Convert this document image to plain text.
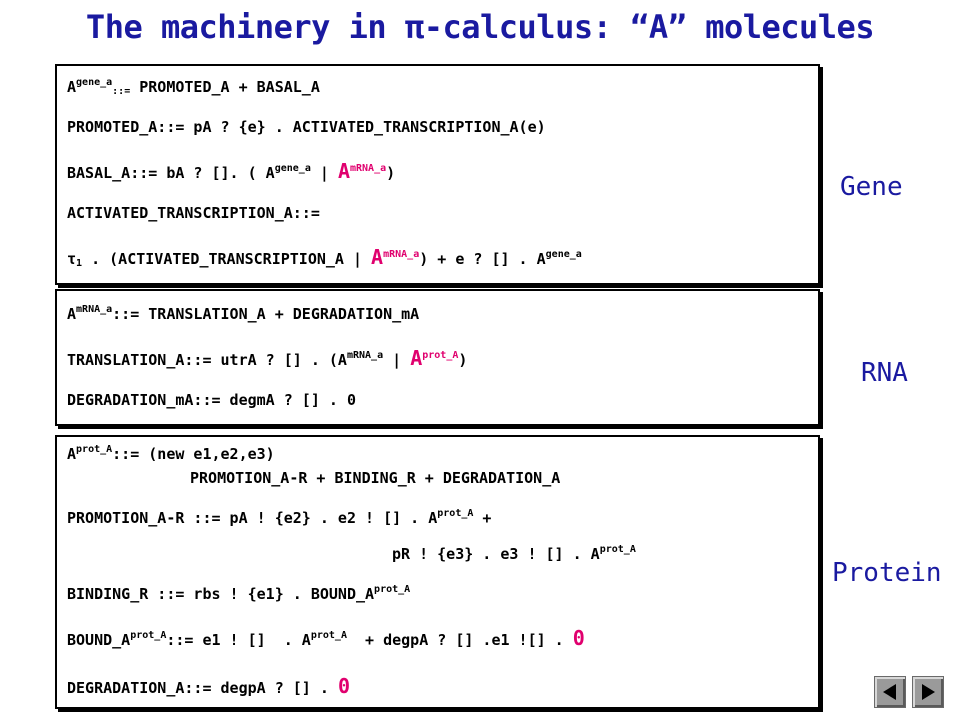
The machinery in π-calculus: “A” molecules
$A^{gene\_a}_{::=}$ PROMOTED_A + BASAL_A
PROMOTED_A::= pA ? {e} . ACTIVATED_TRANSCRIPTION_A(e)
BASAL_A::= bA ? []. ( $A^{gene\_a}$ | $A^{mRNA\_a}$)
ACTIVATED_TRANSCRIPTION_A::=
$\tau_1$ . (ACTIVATED_TRANSCRIPTION_A | $A^{mRNA\_a}) + e$ ? [] . $A^{gene\_a}$
$A^{mRNA\_a}::=$ TRANSLATION_A + DEGRADATION_mA
TRANSLATION_A::= utrA ? [] . ($A^{mRNA\_a}$ | $A^{prot\_A}$)
DEGRADATION_mA::= degmA ? [] . 0
$A^{prot\_A}::= (new$ e1,e2,e3)
PROMOTION_A-R + BINDING_R + DEGRADATION_A
PROMOTION_A-R ::= pA ! {e2} . e2 ! [] . $A^{prot\_A}$ +
pR ! {e3} . e3 ! [] . $A^{prot\_A}$
BINDING_R ::= rbs ! {e1} . $BOUND\_A^{prot\_A}$
$BOUND\_A^{prot\_A}::= e1$ ! []  . $A^{prot\_A}$  + degpA ? [] .e1 ![] . 0
DEGRADATION_A::= degpA ? [] . 0
Gene
RNA
Protein
